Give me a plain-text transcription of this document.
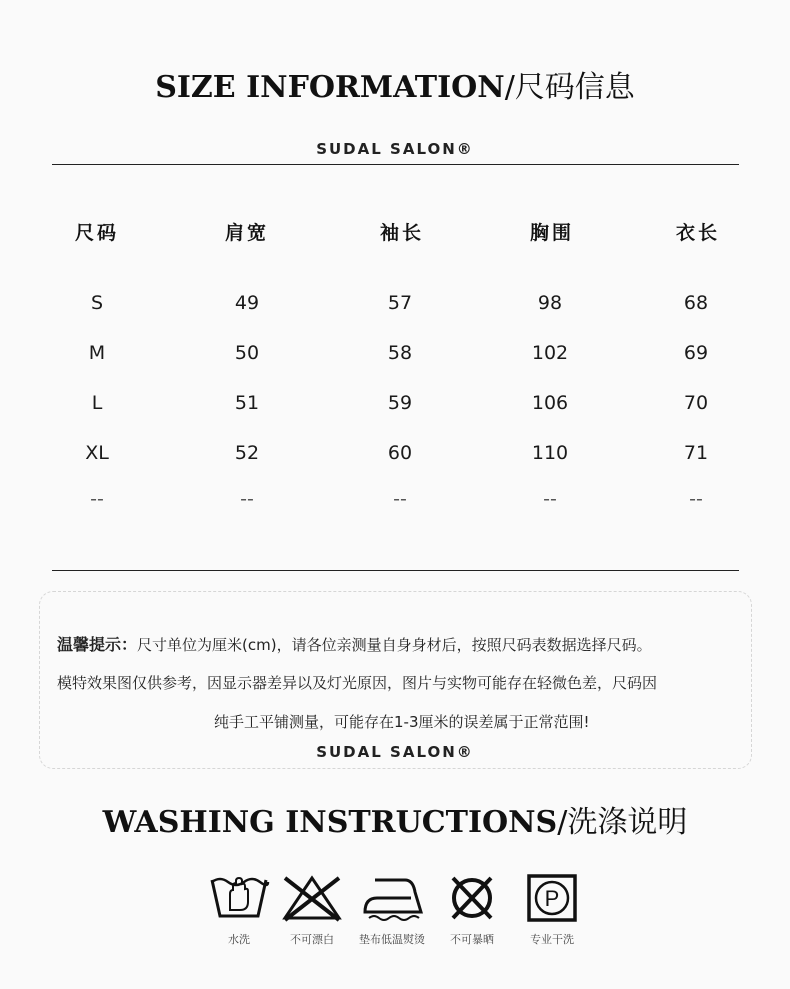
SIZE INFORMATION/尺码信息
SUDAL SALON®
尺码	肩宽	袖长	胸围	衣长
S	49	57	98	68
M	50	58	102	69
L	51	59	106	70
XL	52	60	110	71
--	--	--	--	--
温馨提示：尺寸单位为厘米(cm)，请各位亲测量自身身材后，按照尺码表数据选择尺码。
模特效果图仅供参考，因显示器差异以及灯光原因，图片与实物可能存在轻微色差，尺码因
纯手工平铺测量，可能存在1-3厘米的误差属于正常范围!
SUDAL SALON®
WASHING INSTRUCTIONS/洗涤说明
水洗	不可漂白	垫布低温熨烫	不可暴晒
P
专业干洗
